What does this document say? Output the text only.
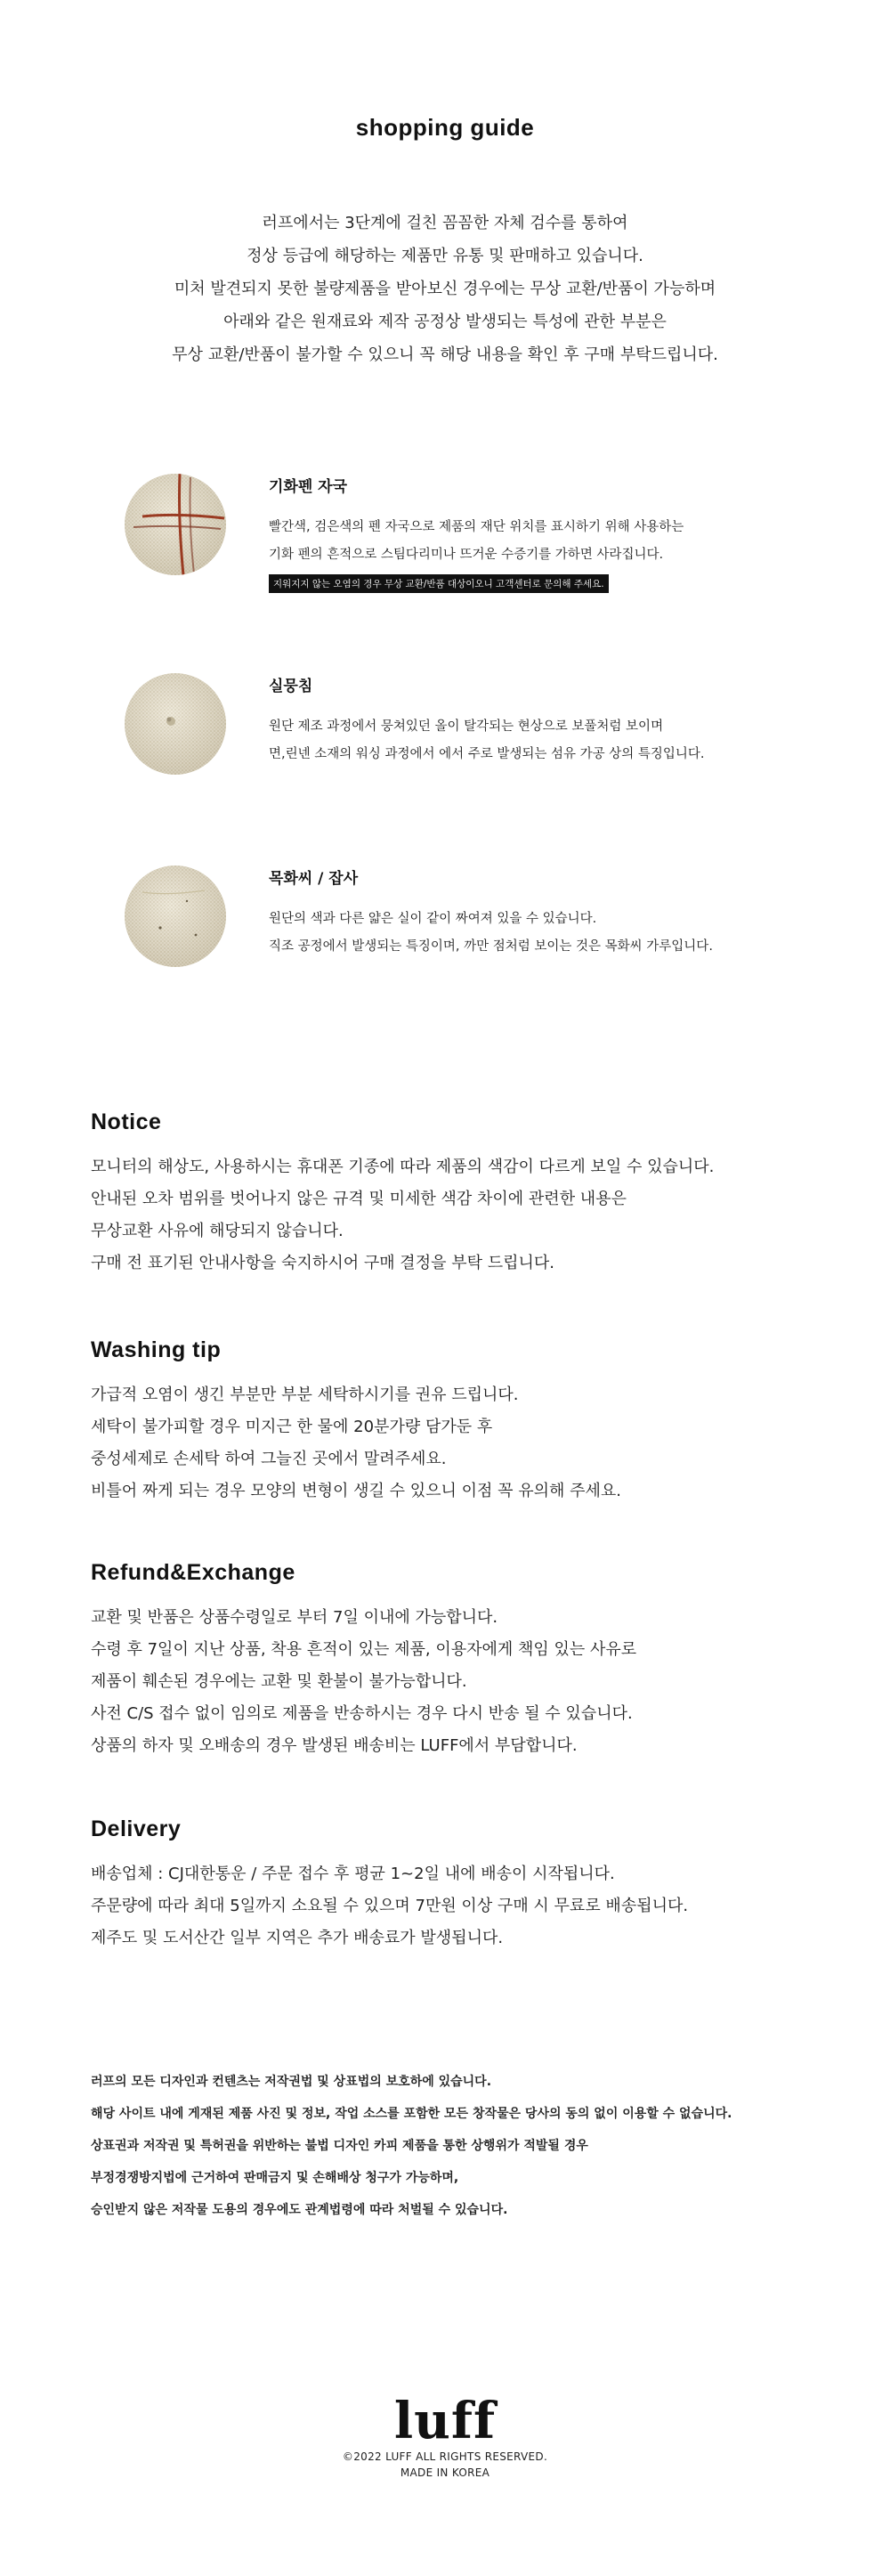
shopping guide
러프에서는 3단계에 걸친 꼼꼼한 자체 검수를 통하여
정상 등급에 해당하는 제품만 유통 및 판매하고 있습니다.
미처 발견되지 못한 불량제품을 받아보신 경우에는 무상 교환/반품이 가능하며
아래와 같은 원재료와 제작 공정상 발생되는 특성에 관한 부분은
무상 교환/반품이 불가할 수 있으니 꼭 해당 내용을 확인 후 구매 부탁드립니다.
기화펜 자국
빨간색, 검은색의 펜 자국으로 제품의 재단 위치를 표시하기 위해 사용하는
기화 펜의 흔적으로 스팀다리미나 뜨거운 수증기를 가하면 사라집니다.
지워지지 않는 오염의 경우 무상 교환/반품 대상이오니 고객센터로 문의해 주세요.
실뭉침
원단 제조 과정에서 뭉쳐있던 올이 탈각되는 현상으로 보풀처럼 보이며
면,린넨 소재의 워싱 과정에서 에서 주로 발생되는 섬유 가공 상의 특징입니다.
목화씨 / 잡사
원단의 색과 다른 얇은 실이 같이 짜여져 있을 수 있습니다.
직조 공정에서 발생되는 특징이며, 까만 점처럼 보이는 것은 목화씨 가루입니다.
Notice
모니터의 해상도, 사용하시는 휴대폰 기종에 따라 제품의 색감이 다르게 보일 수 있습니다.
안내된 오차 범위를 벗어나지 않은 규격 및 미세한 색감 차이에 관련한 내용은
무상교환 사유에 해당되지 않습니다.
구매 전 표기된 안내사항을 숙지하시어 구매 결정을 부탁 드립니다.
Washing tip
가급적 오염이 생긴 부분만 부분 세탁하시기를 권유 드립니다.
세탁이 불가피할 경우 미지근 한 물에 20분가량 담가둔 후
중성세제로 손세탁 하여 그늘진 곳에서 말려주세요.
비틀어 짜게 되는 경우 모양의 변형이 생길 수 있으니 이점 꼭 유의해 주세요.
Refund&Exchange
교환 및 반품은 상품수령일로 부터 7일 이내에 가능합니다.
수령 후 7일이 지난 상품, 착용 흔적이 있는 제품, 이용자에게 책임 있는 사유로
제품이 훼손된 경우에는 교환 및 환불이 불가능합니다.
사전 C/S 접수 없이 임의로 제품을 반송하시는 경우 다시 반송 될 수 있습니다.
상품의 하자 및 오배송의 경우 발생된 배송비는 LUFF에서 부담합니다.
Delivery
배송업체 : CJ대한통운 / 주문 접수 후 평균 1~2일 내에 배송이 시작됩니다.
주문량에 따라 최대 5일까지 소요될 수 있으며 7만원 이상 구매 시 무료로 배송됩니다.
제주도 및 도서산간 일부 지역은 추가 배송료가 발생됩니다.
러프의 모든 디자인과 컨텐츠는 저작권법 및 상표법의 보호하에 있습니다.
해당 사이트 내에 게재된 제품 사진 및 정보, 작업 소스를 포함한 모든 창작물은 당사의 동의 없이 이용할 수 없습니다.
상표권과 저작권 및 특허권을 위반하는 불법 디자인 카피 제품을 통한 상행위가 적발될 경우
부정경쟁방지법에 근거하여 판매금지 및 손해배상 청구가 가능하며,
승인받지 않은 저작물 도용의 경우에도 관계법령에 따라 처벌될 수 있습니다.
luff
©2022 LUFF ALL RIGHTS RESERVED.
MADE IN KOREA
